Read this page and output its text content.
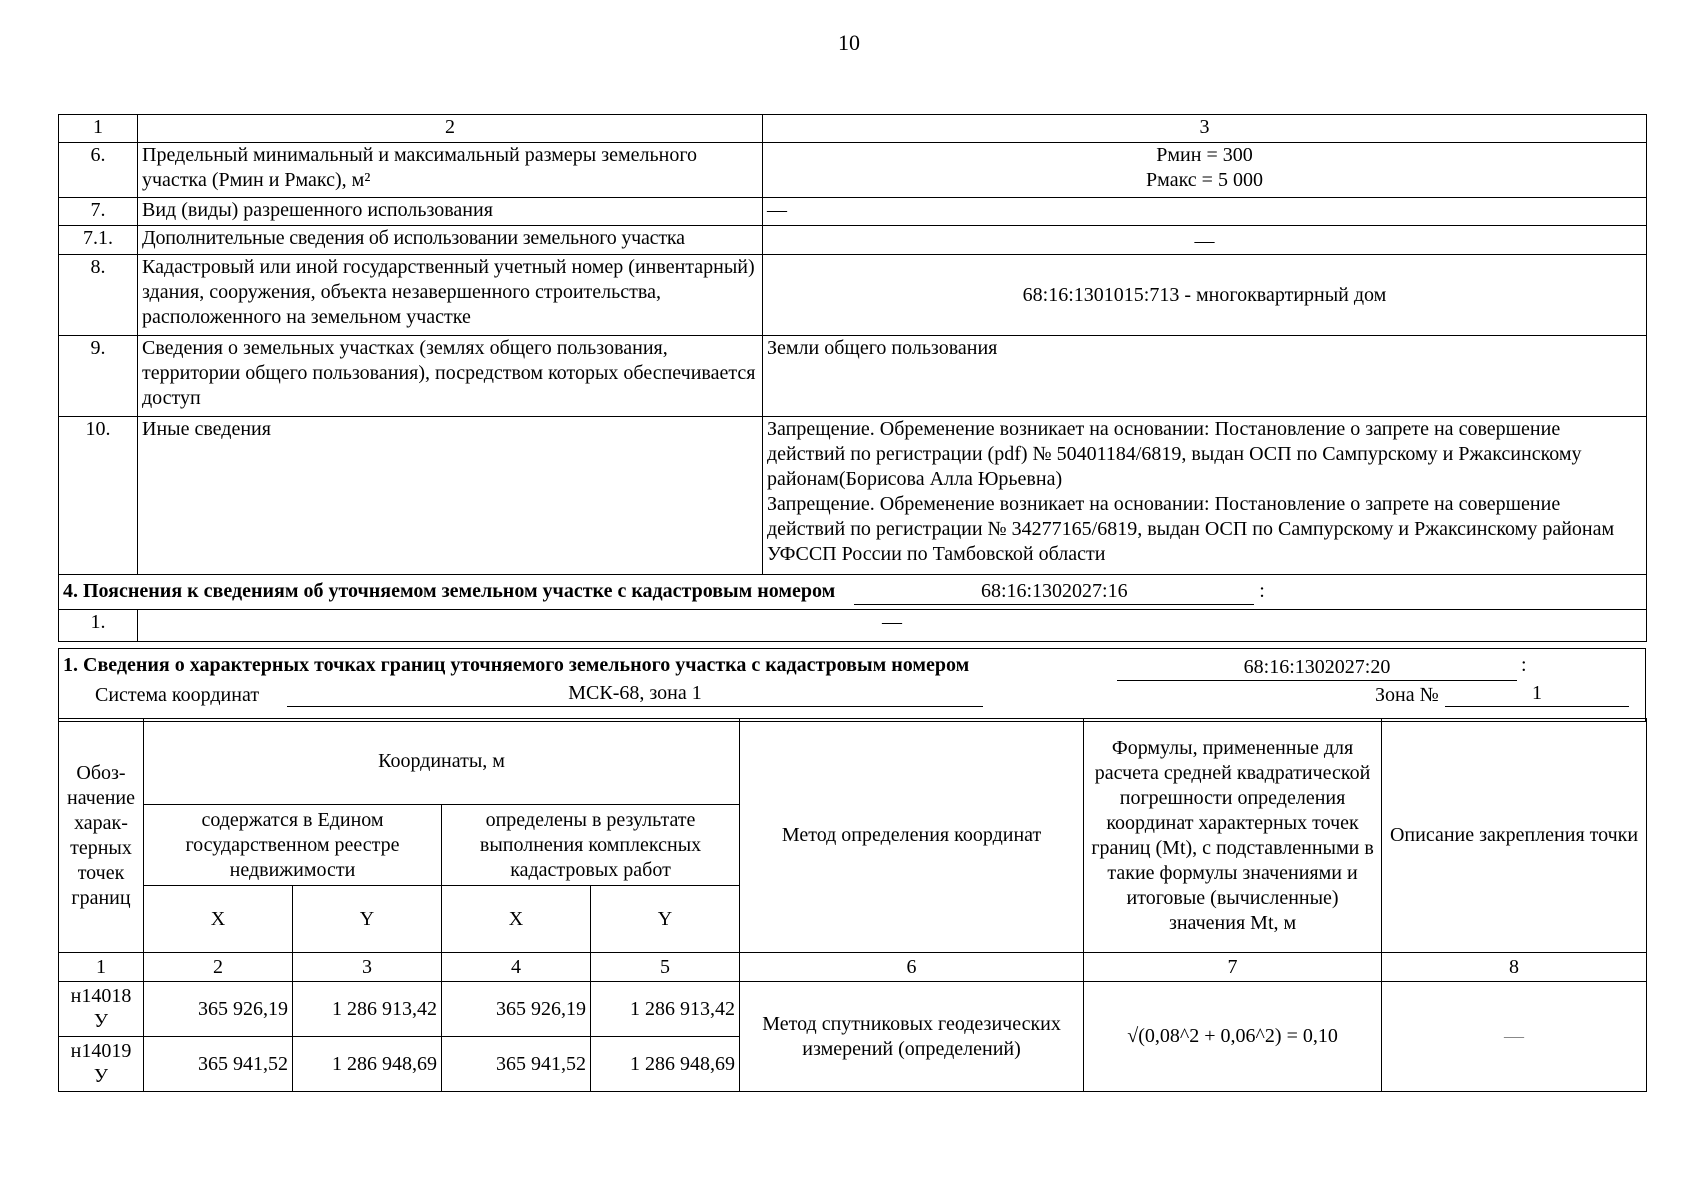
10
1	2	3
6.	Предельный минимальный и максимальный размеры земельного участка (Рмин и Рмакс), м²	Рмин = 300
Рмакс = 5 000

7.	Вид (виды) разрешенного использования	—
7.1.	Дополнительные сведения об использовании земельного участка	—
8.	Кадастровый или иной государственный учетный номер (инвентарный) здания, сооружения, объекта незавершенного строительства, расположенного на земельном участке	68:16:1301015:713 - многоквартирный дом
9.	Сведения о земельных участках (землях общего пользования, территории общего пользования), посредством которых обеспечивается доступ	Земли общего пользования
10.	Иные сведения	Запрещение. Обременение возникает на основании: Постановление о запрете на совершение действий по регистрации (pdf) № 50401184/6819, выдан ОСП по Сампурскому и Ржаксинскому районам(Борисова Алла Юрьевна)
Запрещение. Обременение возникает на основании: Постановление о запрете на совершение действий по регистрации № 34277165/6819, выдан ОСП по Сампурскому и Ржаксинскому районам УФССП России по Тамбовской области

4. Пояснения к сведениям об уточняемом земельном участке с кадастровым номером 68:16:1302027:16 :		
1.	—	
1. Сведения о характерных точках границ уточняемого земельного участка с кадастровым номером	68:16:1302027:20	:
Система координат	МСК-68, зона 1	Зона №	1
Обоз-начение харак-терных точек границ	Координаты, м				Метод определения координат	Формулы, примененные для расчета средней квадратической погрешности определения координат характерных точек границ (Mt), с подставленными в такие формулы значениями и итоговые (вычисленные) значения Mt, м	Описание закрепления точки
	содержатся в Едином государственном реестре недвижимости		определены в результате выполнения комплексных кадастровых работ				
	X	Y	X	Y			
1	2	3	4	5	6	7	8
н14018 У	365 926,19	1 286 913,42	365 926,19	1 286 913,42	Метод спутниковых геодезических измерений (определений)	√(0,08^2 + 0,06^2) = 0,10	—
н14019 У	365 941,52	1 286 948,69	365 941,52	1 286 948,69			
